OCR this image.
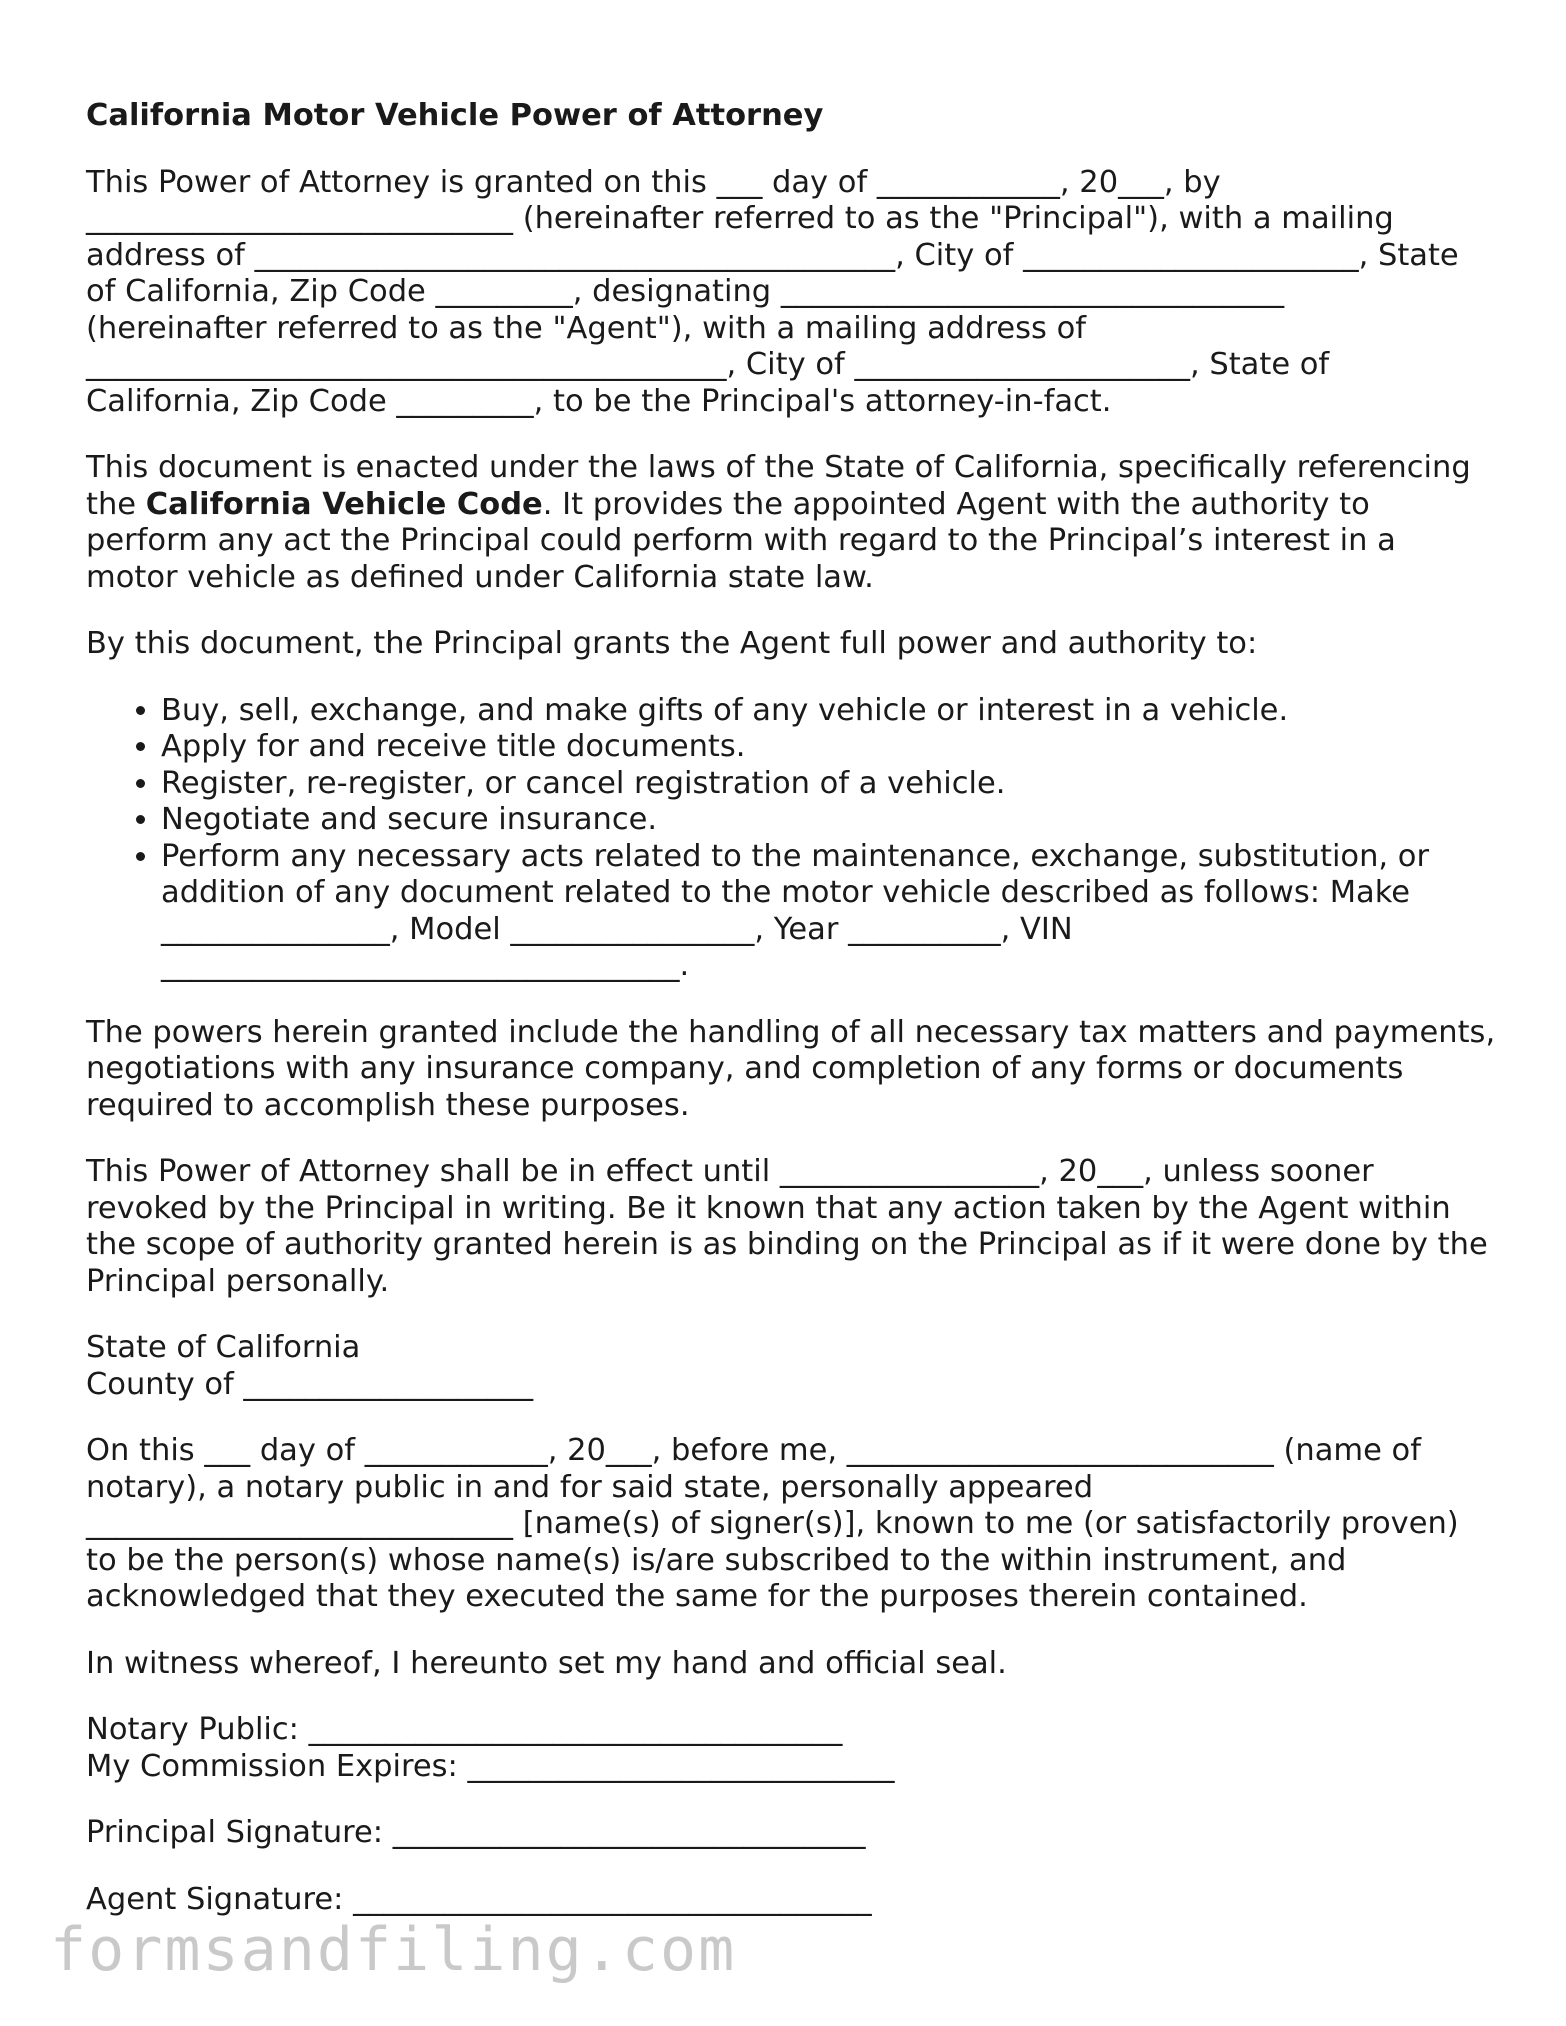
California Motor Vehicle Power of Attorney

This Power of Attorney is granted on this ___ day of ____________, 20___, by
____________________________ (hereinafter referred to as the "Principal"), with a mailing
address of __________________________________________, City of ______________________, State
of California, Zip Code _________, designating _________________________________
(hereinafter referred to as the "Agent"), with a mailing address of
__________________________________________, City of ______________________, State of
California, Zip Code _________, to be the Principal's attorney-in-fact.

This document is enacted under the laws of the State of California, specifically referencing the California Vehicle Code. It provides the appointed Agent with the authority to perform any act the Principal could perform with regard to the Principal’s interest in a motor vehicle as defined under California state law.

By this document, the Principal grants the Agent full power and authority to:

• Buy, sell, exchange, and make gifts of any vehicle or interest in a vehicle.
• Apply for and receive title documents.
• Register, re-register, or cancel registration of a vehicle.
• Negotiate and secure insurance.
• Perform any necessary acts related to the maintenance, exchange, substitution, or addition of any document related to the motor vehicle described as follows: Make _______________, Model ________________, Year __________, VIN __________________________________.

The powers herein granted include the handling of all necessary tax matters and payments, negotiations with any insurance company, and completion of any forms or documents required to accomplish these purposes.

This Power of Attorney shall be in effect until _________________, 20___, unless sooner revoked by the Principal in writing. Be it known that any action taken by the Agent within the scope of authority granted herein is as binding on the Principal as if it were done by the Principal personally.

State of California
County of ___________________

On this ___ day of ____________, 20___, before me, ____________________________ (name of
notary), a notary public in and for said state, personally appeared
____________________________ [name(s) of signer(s)], known to me (or satisfactorily proven)
to be the person(s) whose name(s) is/are subscribed to the within instrument, and
acknowledged that they executed the same for the purposes therein contained.

In witness whereof, I hereunto set my hand and official seal.

Notary Public: ___________________________________
My Commission Expires: ____________________________
Principal Signature: _______________________________
Agent Signature: __________________________________
formsandfiling.com
